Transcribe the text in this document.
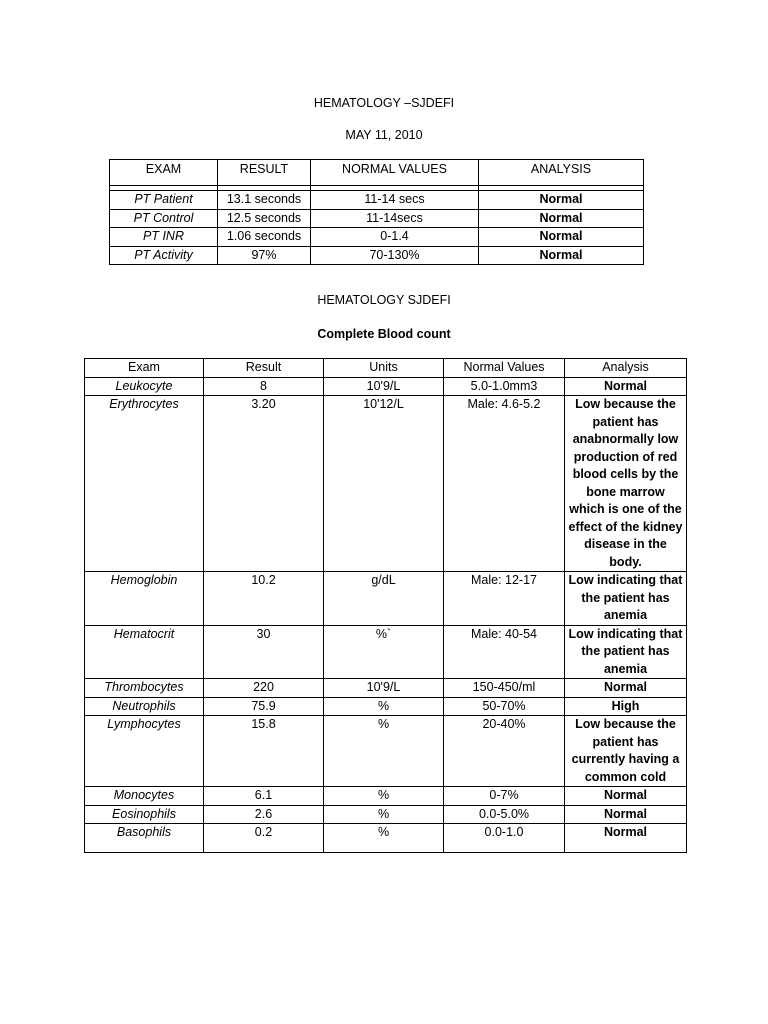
HEMATOLOGY –SJDEFI
MAY 11, 2010
EXAM	RESULT	NORMAL VALUES	ANALYSIS

PT Patient	13.1 seconds	11-14 secs	Normal
PT Control	12.5 seconds	11-14secs	Normal
PT INR	1.06 seconds	0-1.4	Normal
PT Activity	97%	70-130%	Normal
HEMATOLOGY SJDEFI
Complete Blood count
Exam	Result	Units	Normal Values	Analysis
Leukocyte	8	10'9/L	5.0-1.0mm3	Normal
Erythrocytes	3.20	10'12/L	Male: 4.6-5.2	Low because the patient has anabnormally low production of red blood cells by the bone marrow which is one of the effect of the kidney disease in the body.
Hemoglobin	10.2	g/dL	Male: 12-17	Low indicating that the patient has anemia
Hematocrit	30	%`	Male: 40-54	Low indicating that the patient has anemia
Thrombocytes	220	10'9/L	150-450/ml	Normal
Neutrophils	75.9	%	50-70%	High
Lymphocytes	15.8	%	20-40%	Low because the patient has currently having a common cold
Monocytes	6.1	%	0-7%	Normal
Eosinophils	2.6	%	0.0-5.0%	Normal
Basophils	0.2	%	0.0-1.0	Normal
